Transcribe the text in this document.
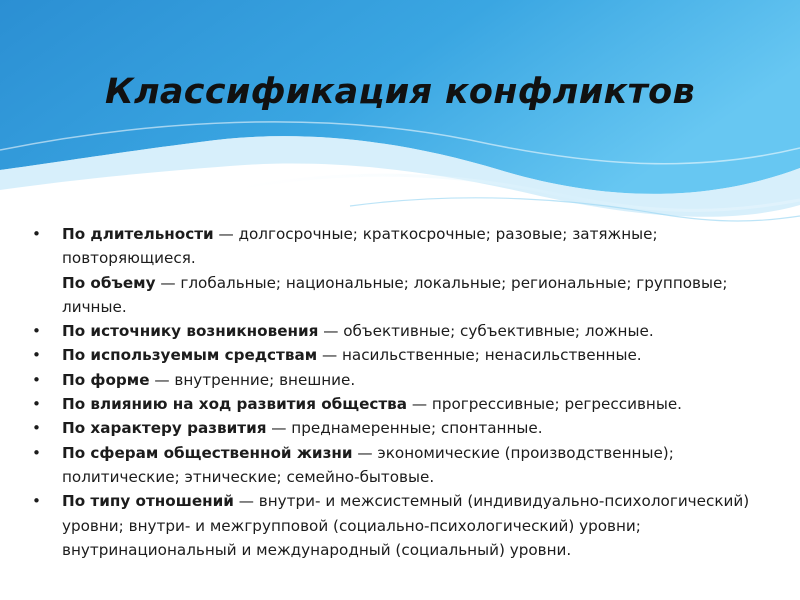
Классификация конфликтов
•	По длительности — долгосрочные; краткосрочные; разовые; затяжные; повторяющиеся.
По объему — глобальные; национальные; локальные; региональные; групповые; личные.
•	По источнику возникновения — объективные; субъективные; ложные.
•	По используемым средствам — насильственные; ненасильственные.
•	По форме — внутренние; внешние.
•	По влиянию на ход развития общества — прогрессивные; регрессивные.
•	По характеру развития — преднамеренные; спонтанные.
•	По сферам общественной жизни — экономические (производственные); политические; этнические; семейно-бытовые.
•	По типу отношений — внутри- и межсистемный (индивидуально-психологический) уровни; внутри- и межгрупповой (социально-психологический) уровни; внутринациональный и международный (социальный) уровни.
